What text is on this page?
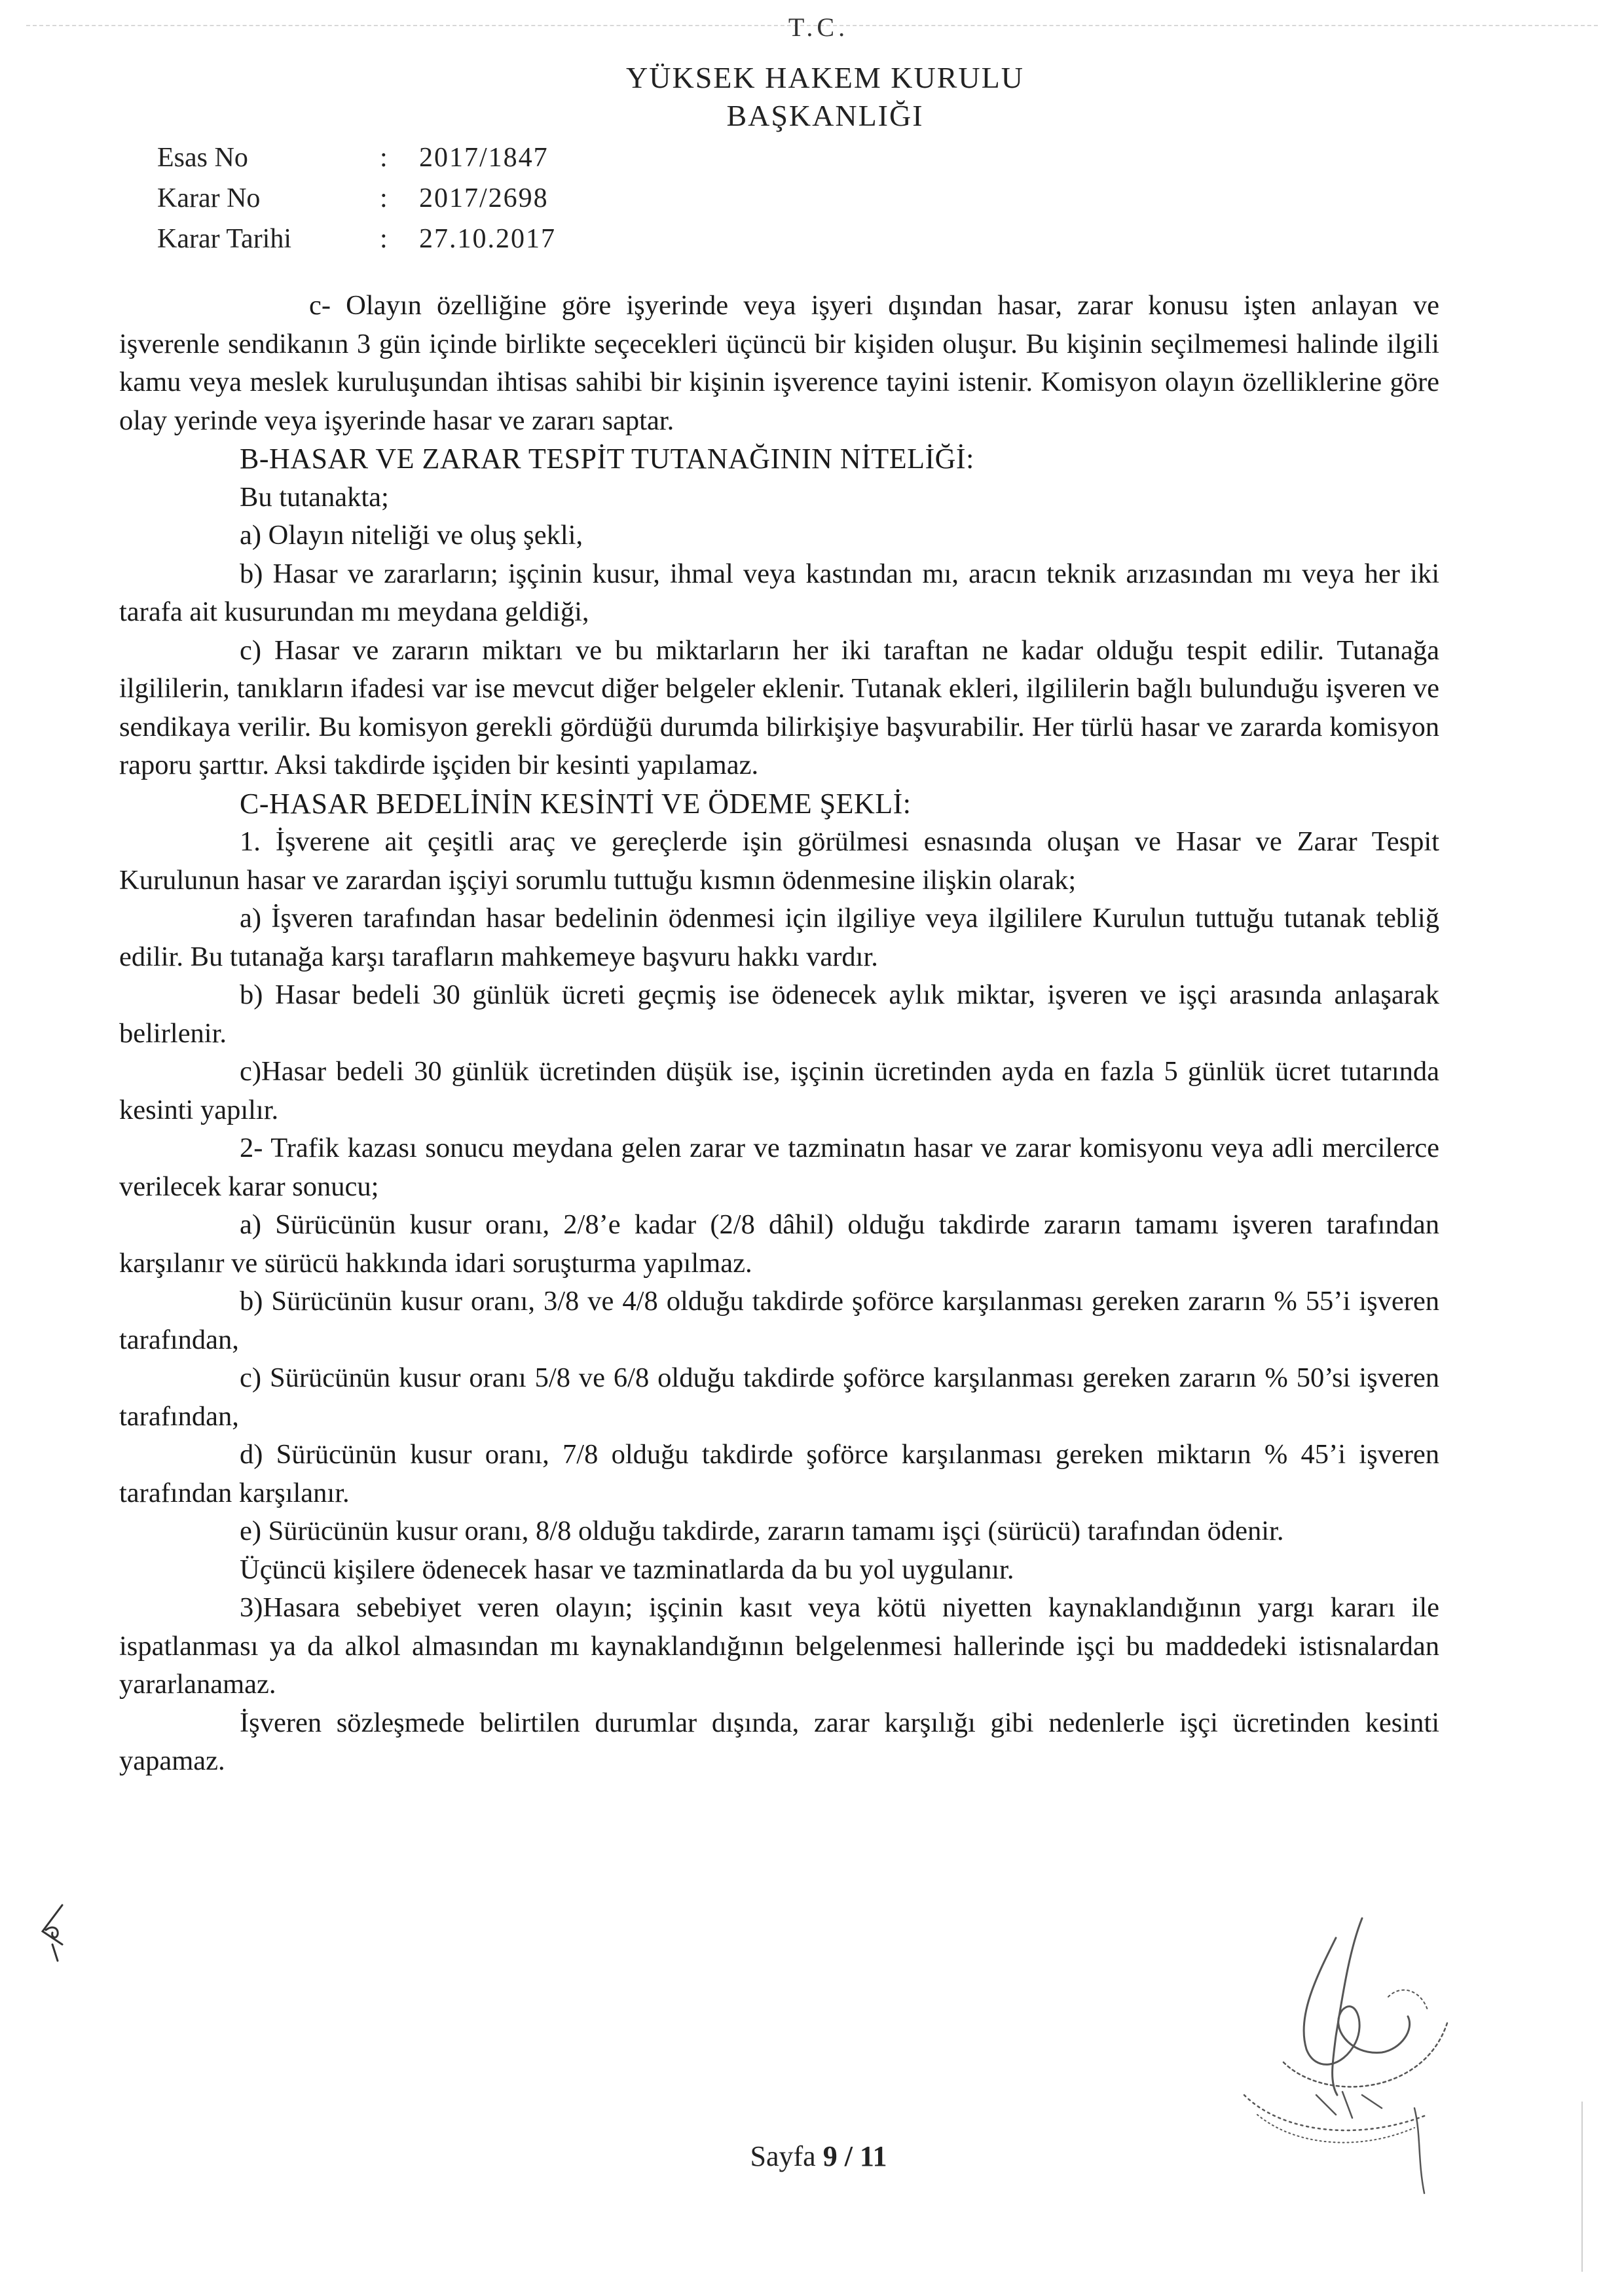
T.C.
YÜKSEK HAKEM KURULU
BAŞKANLIĞI
Esas No	:	2017/1847
Karar No	:	2017/2698
Karar Tarihi	:	27.10.2017

c- Olayın özelliğine göre işyerinde veya işyeri dışından hasar, zarar konusu işten anlayan ve işverenle sendikanın 3 gün içinde birlikte seçecekleri üçüncü bir kişiden oluşur. Bu kişinin seçilmemesi halinde ilgili kamu veya meslek kuruluşundan ihtisas sahibi bir kişinin işverence tayini istenir. Komisyon olayın özelliklerine göre olay yerinde veya işyerinde hasar ve zararı saptar.

B-HASAR VE ZARAR TESPİT TUTANAĞININ NİTELİĞİ:

Bu tutanakta;

a) Olayın niteliği ve oluş şekli,

b) Hasar ve zararların; işçinin kusur, ihmal veya kastından mı, aracın teknik arızasından mı veya her iki tarafa ait kusurundan mı meydana geldiği,

c) Hasar ve zararın miktarı ve bu miktarların her iki taraftan ne kadar olduğu tespit edilir. Tutanağa ilgililerin, tanıkların ifadesi var ise mevcut diğer belgeler eklenir. Tutanak ekleri, ilgililerin bağlı bulunduğu işveren ve sendikaya verilir. Bu komisyon gerekli gördüğü durumda bilirkişiye başvurabilir. Her türlü hasar ve zararda komisyon raporu şarttır. Aksi takdirde işçiden bir kesinti yapılamaz.

C-HASAR BEDELİNİN KESİNTİ VE ÖDEME ŞEKLİ:

1. İşverene ait çeşitli araç ve gereçlerde işin görülmesi esnasında oluşan ve Hasar ve Zarar Tespit Kurulunun hasar ve zarardan işçiyi sorumlu tuttuğu kısmın ödenmesine ilişkin olarak;

a) İşveren tarafından hasar bedelinin ödenmesi için ilgiliye veya ilgililere Kurulun tuttuğu tutanak tebliğ edilir. Bu tutanağa karşı tarafların mahkemeye başvuru hakkı vardır.

b) Hasar bedeli 30 günlük ücreti geçmiş ise ödenecek aylık miktar, işveren ve işçi arasında anlaşarak belirlenir.

c)Hasar bedeli 30 günlük ücretinden düşük ise, işçinin ücretinden ayda en fazla 5 günlük ücret tutarında kesinti yapılır.

2- Trafik kazası sonucu meydana gelen zarar ve tazminatın hasar ve zarar komisyonu veya adli mercilerce verilecek karar sonucu;

a) Sürücünün kusur oranı, 2/8’e kadar (2/8 dâhil) olduğu takdirde zararın tamamı işveren tarafından karşılanır ve sürücü hakkında idari soruşturma yapılmaz.

b) Sürücünün kusur oranı, 3/8 ve 4/8 olduğu takdirde şoförce karşılanması gereken zararın % 55’i işveren tarafından,

c) Sürücünün kusur oranı 5/8 ve 6/8 olduğu takdirde şoförce karşılanması gereken zararın % 50’si işveren tarafından,

d) Sürücünün kusur oranı, 7/8 olduğu takdirde şoförce karşılanması gereken miktarın % 45’i işveren tarafından karşılanır.

e) Sürücünün kusur oranı, 8/8 olduğu takdirde, zararın tamamı işçi (sürücü) tarafından ödenir.

Üçüncü kişilere ödenecek hasar ve tazminatlarda da bu yol uygulanır.

3)Hasara sebebiyet veren olayın; işçinin kasıt veya kötü niyetten kaynaklandığının yargı kararı ile ispatlanması ya da alkol almasından mı kaynaklandığının belgelenmesi hallerinde işçi bu maddedeki istisnalardan yararlanamaz.

İşveren sözleşmede belirtilen durumlar dışında, zarar karşılığı gibi nedenlerle işçi ücretinden kesinti yapamaz.

Sayfa 9 / 11
